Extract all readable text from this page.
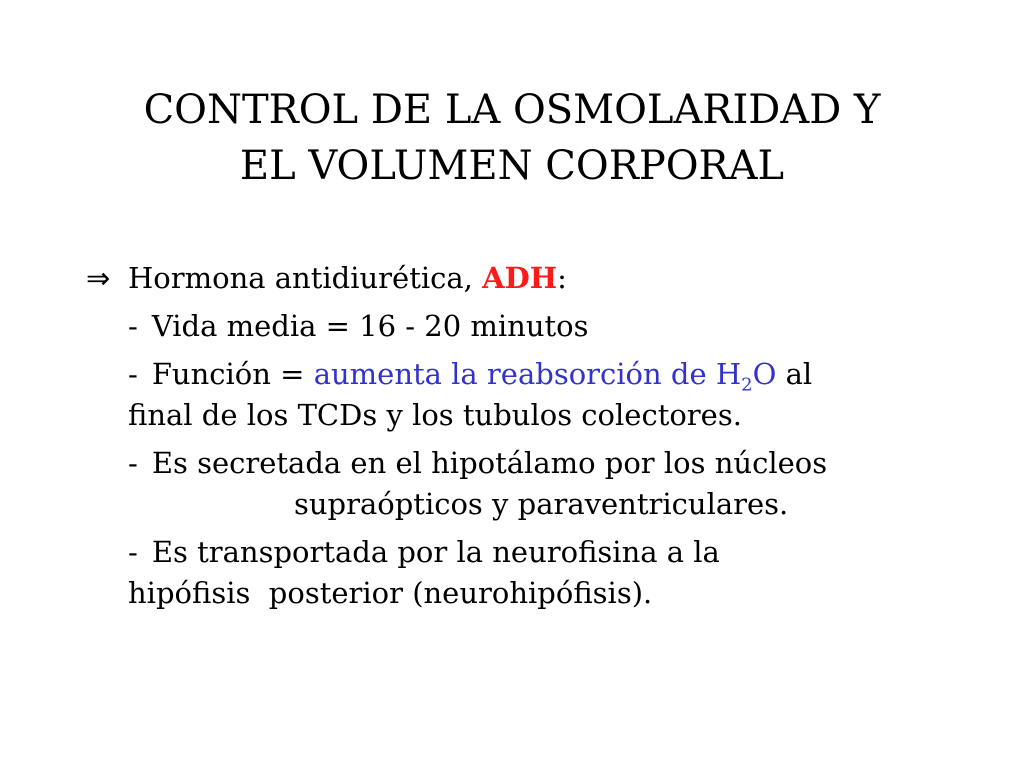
CONTROL DE LA OSMOLARIDAD Y
EL VOLUMEN CORPORAL
⇒ Hormona antidiurética, ADH:
- Vida media = 16 - 20 minutos
- Función = aumenta la reabsorción de $H_2O$ al
final de los TCDs y los tubulos colectores.
- Es secretada en el hipotálamo por los núcleos
supraópticos y paraventriculares.
- Es transportada por la neurofisina a la
hipófisis  posterior (neurohipófisis).
